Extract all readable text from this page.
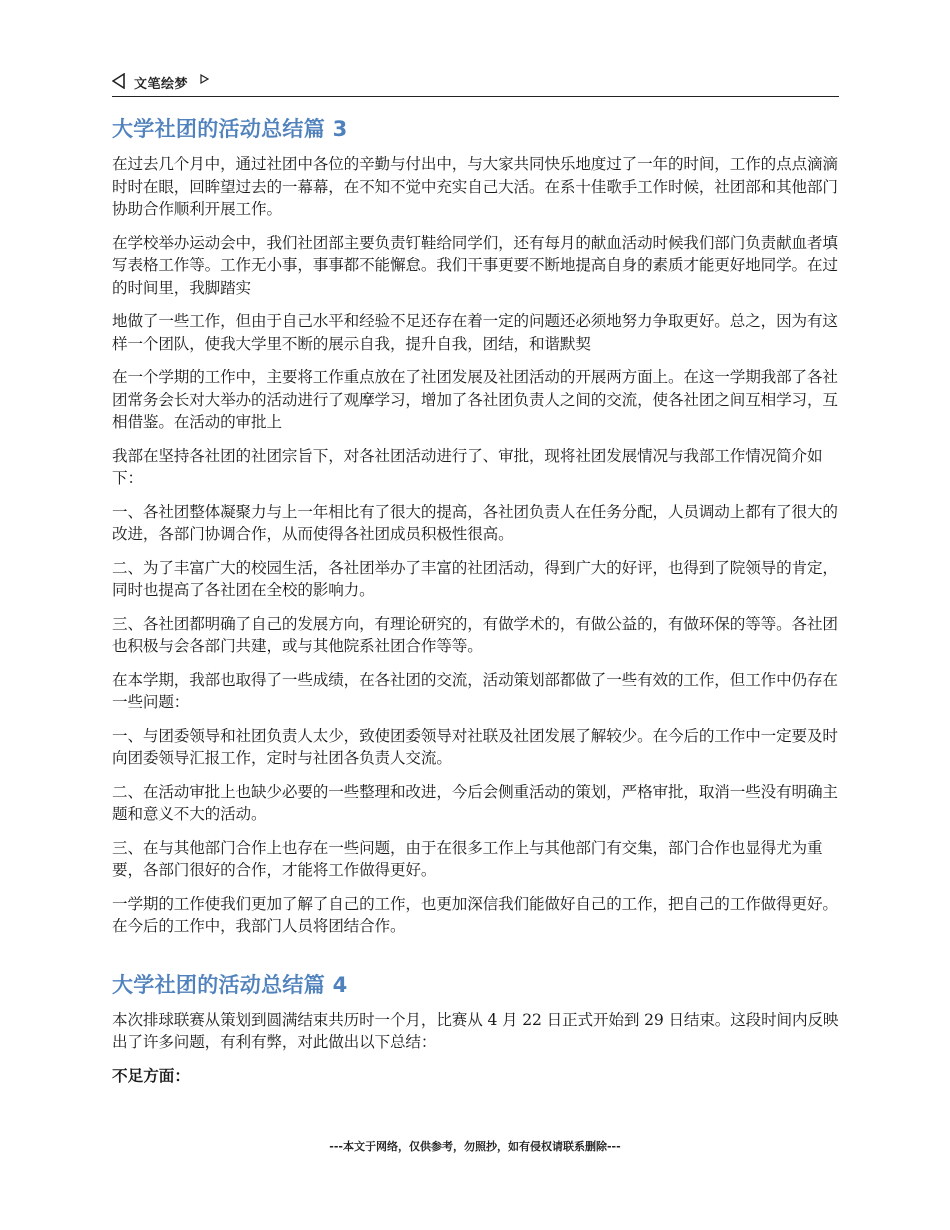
文笔绘梦
大学社团的活动总结篇 3

在过去几个月中，通过社团中各位的辛勤与付出中，与大家共同快乐地度过了一年的时间，工作的点点滴滴时时在眼，回眸望过去的一幕幕，在不知不觉中充实自己大活。在系十佳歌手工作时候，社团部和其他部门协助合作顺利开展工作。

在学校举办运动会中，我们社团部主要负责钉鞋给同学们，还有每月的献血活动时候我们部门负责献血者填写表格工作等。工作无小事，事事都不能懈怠。我们干事更要不断地提高自身的素质才能更好地同学。在过的时间里，我脚踏实

地做了一些工作，但由于自己水平和经验不足还存在着一定的问题还必须地努力争取更好。总之，因为有这样一个团队，使我大学里不断的展示自我，提升自我，团结，和谐默契

在一个学期的工作中，主要将工作重点放在了社团发展及社团活动的开展两方面上。在这一学期我部了各社团常务会长对大举办的活动进行了观摩学习，增加了各社团负责人之间的交流，使各社团之间互相学习，互相借鉴。在活动的审批上

我部在坚持各社团的社团宗旨下，对各社团活动进行了、审批，现将社团发展情况与我部工作情况简介如下：

一、各社团整体凝聚力与上一年相比有了很大的提高，各社团负责人在任务分配，人员调动上都有了很大的改进，各部门协调合作，从而使得各社团成员积极性很高。

二、为了丰富广大的校园生活，各社团举办了丰富的社团活动，得到广大的好评，也得到了院领导的肯定，同时也提高了各社团在全校的影响力。

三、各社团都明确了自己的发展方向，有理论研究的，有做学术的，有做公益的，有做环保的等等。各社团也积极与会各部门共建，或与其他院系社团合作等等。

在本学期，我部也取得了一些成绩，在各社团的交流，活动策划部都做了一些有效的工作，但工作中仍存在一些问题：

一、与团委领导和社团负责人太少，致使团委领导对社联及社团发展了解较少。在今后的工作中一定要及时向团委领导汇报工作，定时与社团各负责人交流。

二、在活动审批上也缺少必要的一些整理和改进，今后会侧重活动的策划，严格审批，取消一些没有明确主题和意义不大的活动。

三、在与其他部门合作上也存在一些问题，由于在很多工作上与其他部门有交集，部门合作也显得尤为重要，各部门很好的合作，才能将工作做得更好。

一学期的工作使我们更加了解了自己的工作，也更加深信我们能做好自己的工作，把自己的工作做得更好。在今后的工作中，我部门人员将团结合作。

大学社团的活动总结篇 4

本次排球联赛从策划到圆满结束共历时一个月，比赛从 4 月 22 日正式开始到 29 日结束。这段时间内反映出了许多问题，有利有弊，对此做出以下总结：

不足方面：

---本文于网络，仅供参考，勿照抄，如有侵权请联系删除---
